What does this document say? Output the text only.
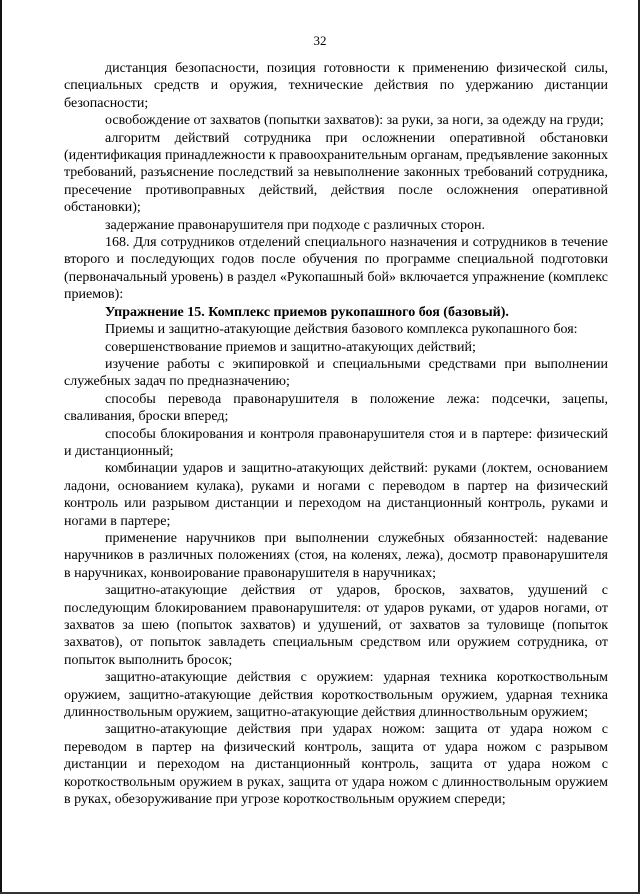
32

дистанция безопасности, позиция готовности к применению физической силы, специальных средств и оружия, технические действия по удержанию дистанции безопасности;

освобождение от захватов (попытки захватов): за руки, за ноги, за одежду на груди;

алгоритм действий сотрудника при осложнении оперативной обстановки (идентификация принадлежности к правоохранительным органам, предъявление законных требований, разъяснение последствий за невыполнение законных требований сотрудника, пресечение противоправных действий, действия после осложнения оперативной обстановки);

задержание правонарушителя при подходе с различных сторон.

168. Для сотрудников отделений специального назначения и сотрудников в течение второго и последующих годов после обучения по программе специальной подготовки (первоначальный уровень) в раздел «Рукопашный бой» включается упражнение (комплекс приемов):

Упражнение 15. Комплекс приемов рукопашного боя (базовый).

Приемы и защитно-атакующие действия базового комплекса рукопашного боя:

совершенствование приемов и защитно-атакующих действий;

изучение работы с экипировкой и специальными средствами при выполнении служебных задач по предназначению;

способы перевода правонарушителя в положение лежа: подсечки, зацепы, сваливания, броски вперед;

способы блокирования и контроля правонарушителя стоя и в партере: физический и дистанционный;

комбинации ударов и защитно-атакующих действий: руками (локтем, основанием ладони, основанием кулака), руками и ногами с переводом в партер на физический контроль или разрывом дистанции и переходом на дистанционный контроль, руками и ногами в партере;

применение наручников при выполнении служебных обязанностей: надевание наручников в различных положениях (стоя, на коленях, лежа), досмотр правонарушителя в наручниках, конвоирование правонарушителя в наручниках;

защитно-атакующие действия от ударов, бросков, захватов, удушений с последующим блокированием правонарушителя: от ударов руками, от ударов ногами, от захватов за шею (попыток захватов) и удушений, от захватов за туловище (попыток захватов), от попыток завладеть специальным средством или оружием сотрудника, от попыток выполнить бросок;

защитно-атакующие действия с оружием: ударная техника короткоствольным оружием, защитно-атакующие действия короткоствольным оружием, ударная техника длинноствольным оружием, защитно-атакующие действия длинноствольным оружием;

защитно-атакующие действия при ударах ножом: защита от удара ножом с переводом в партер на физический контроль, защита от удара ножом с разрывом дистанции и переходом на дистанционный контроль, защита от удара ножом с короткоствольным оружием в руках, защита от удара ножом с длинноствольным оружием в руках, обезоруживание при угрозе короткоствольным оружием спереди;
